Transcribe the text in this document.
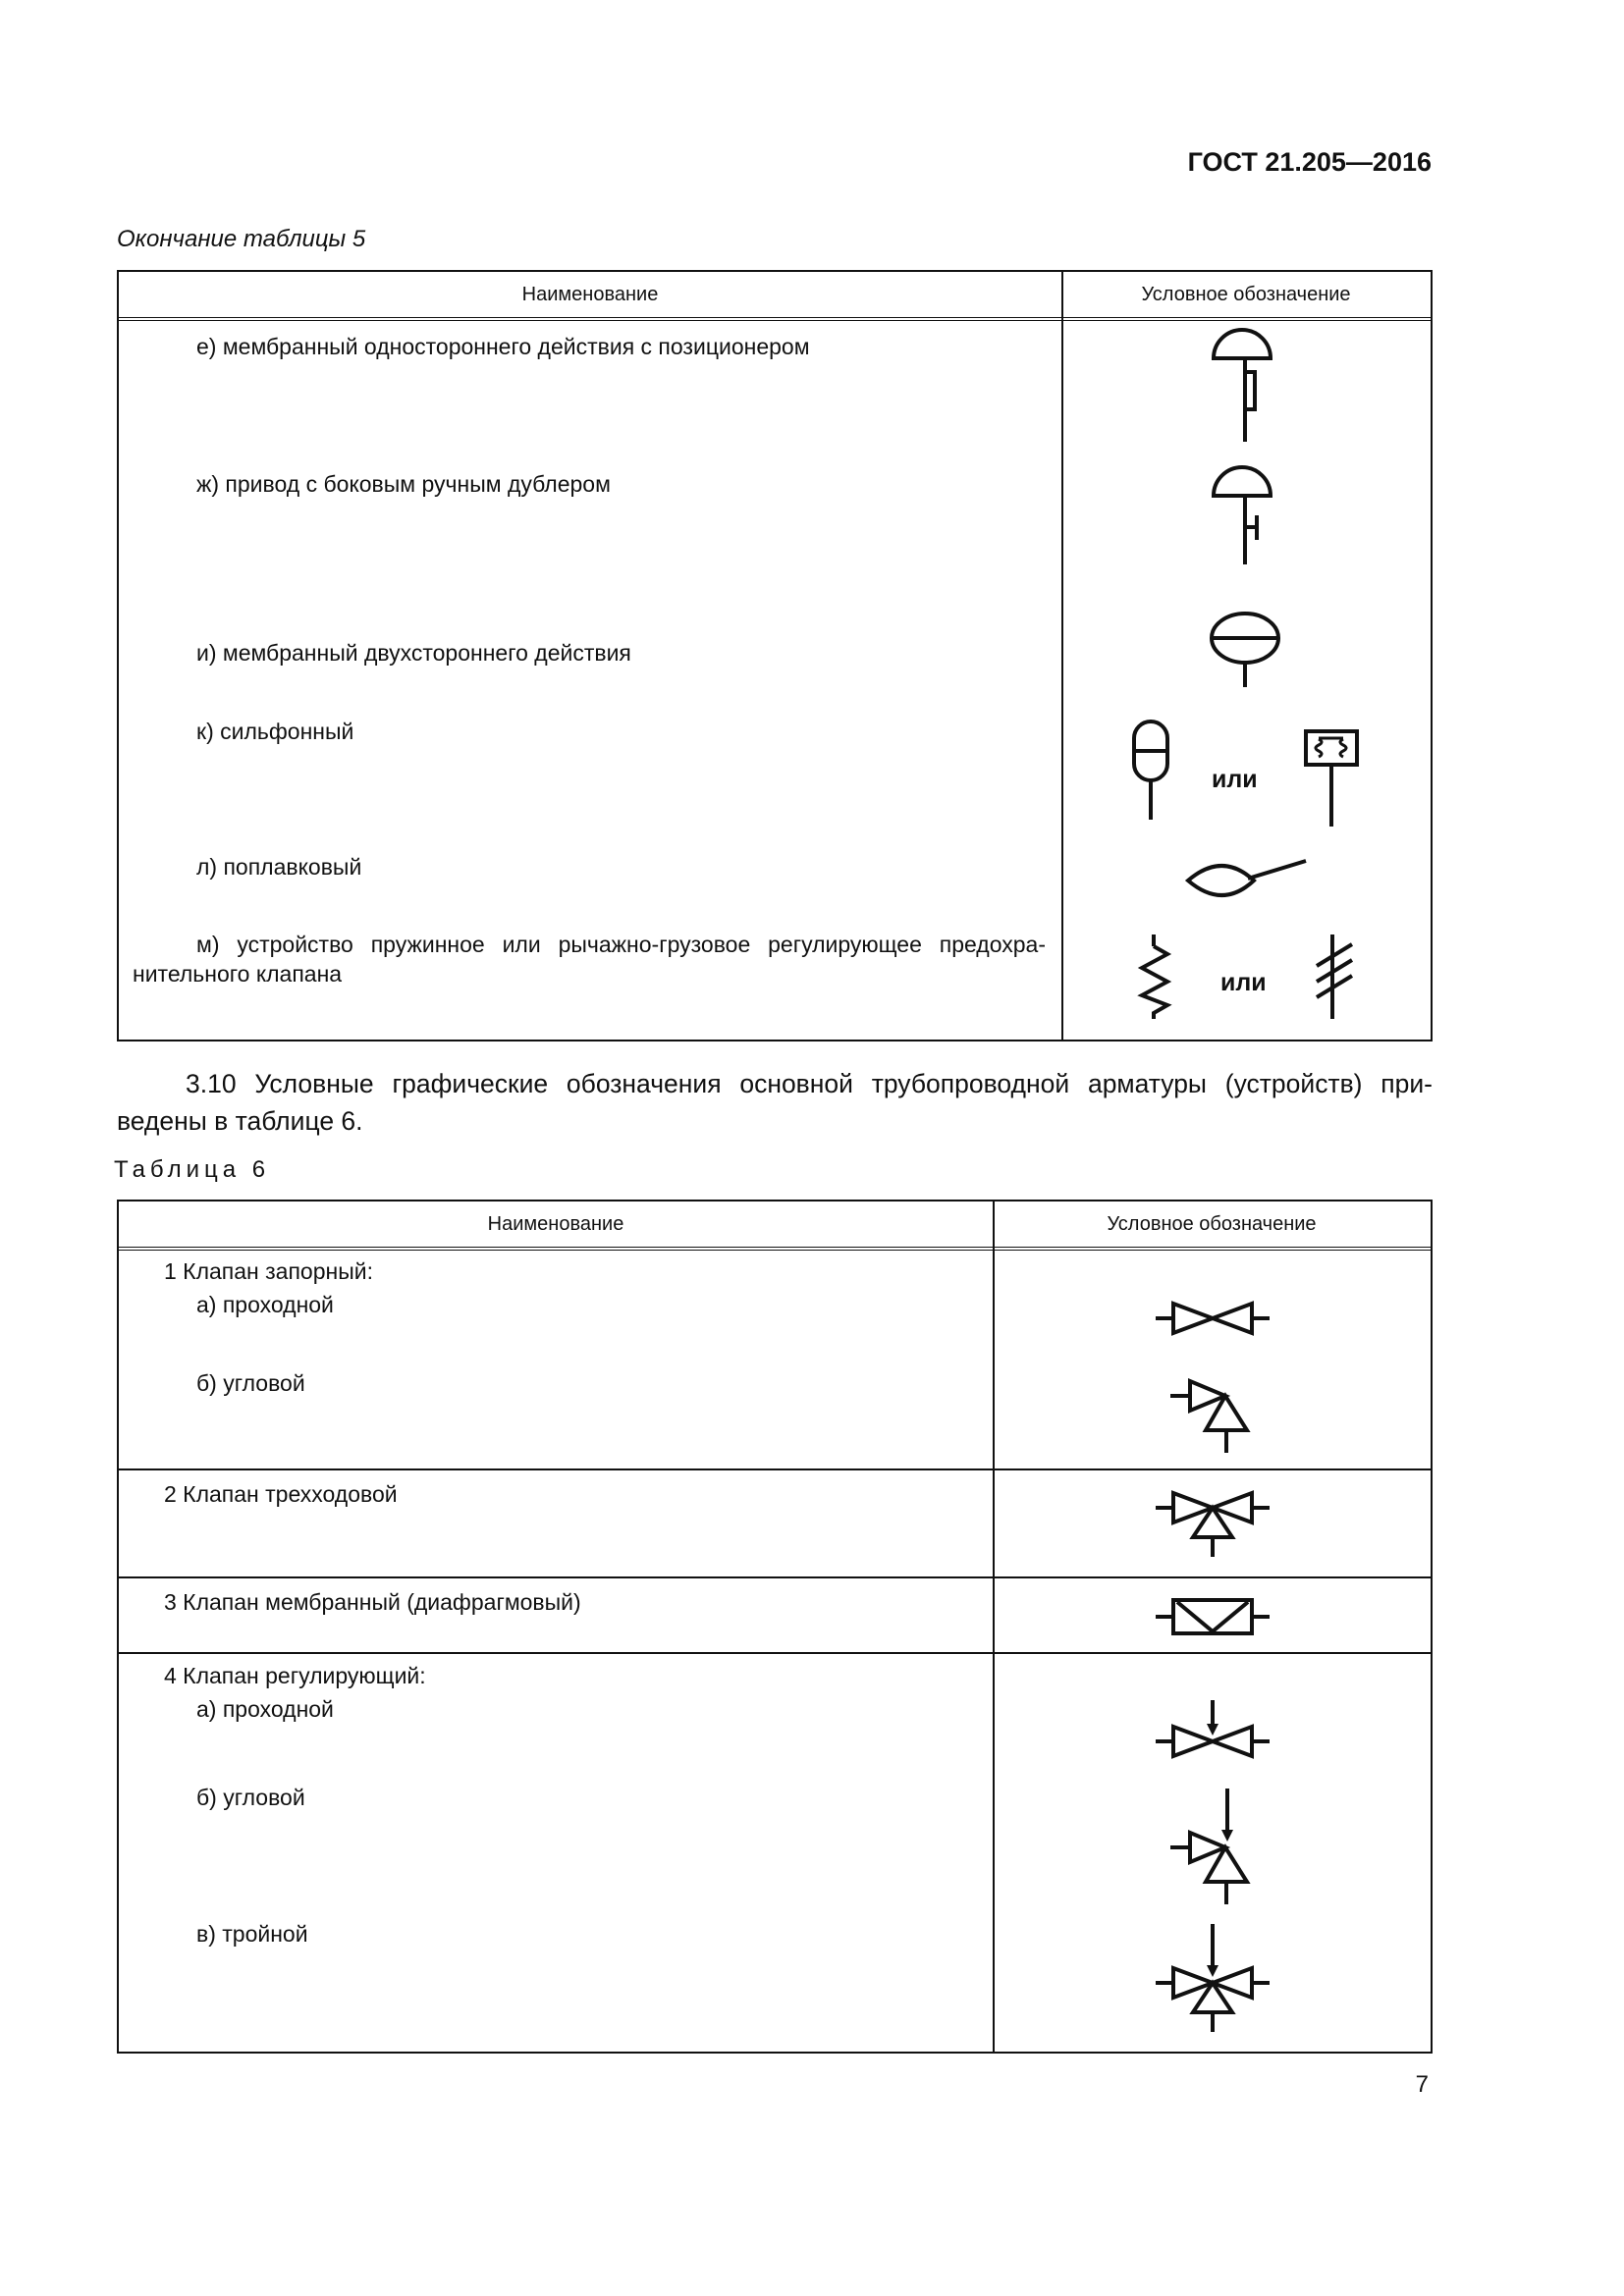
ГОСТ 21.205—2016
Окончание таблицы 5
Наименование	Условное обозначение
е) мембранный одностороннего действия с позиционером
ж) привод с боковым ручным дублером
и) мембранный двухстороннего действия
к) сильфонный
л) поплавковый
м) устройство пружинное или рычажно-грузовое регулирующее предохра-нительного клапана
или
или
3.10 Условные графические обозначения основной трубопроводной арматуры (устройств) при-ведены в таблице 6.
Таблица 6
Наименование	Условное обозначение
1 Клапан запорный:
а) проходной
б) угловой
2 Клапан трехходовой
3 Клапан мембранный (диафрагмовый)
4 Клапан регулирующий:
а) проходной
б) угловой
в) тройной
7
